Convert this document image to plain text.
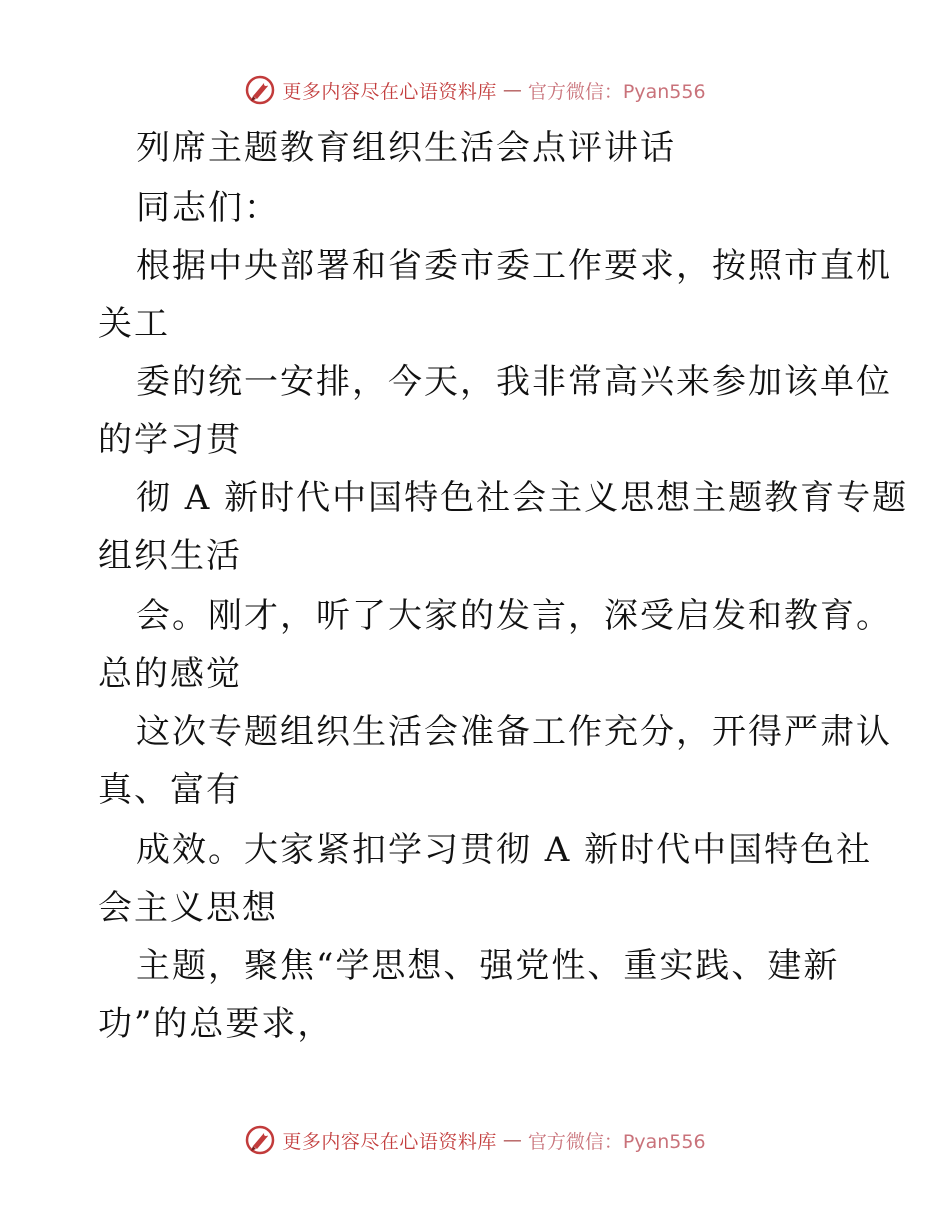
更多内容尽在心语资料库 — 官方微信：Pyan556
列席主题教育组织生活会点评讲话
同志们：
根据中央部署和省委市委工作要求，按照市直机
关工
委的统一安排，今天，我非常高兴来参加该单位
的学习贯
彻 A 新时代中国特色社会主义思想主题教育专题
组织生活
会。刚才，听了大家的发言，深受启发和教育。
总的感觉
这次专题组织生活会准备工作充分，开得严肃认
真、富有
成效。大家紧扣学习贯彻 A 新时代中国特色社
会主义思想
主题，聚焦“学思想、强党性、重实践、建新
功”的总要求，
更多内容尽在心语资料库 — 官方微信：Pyan556
